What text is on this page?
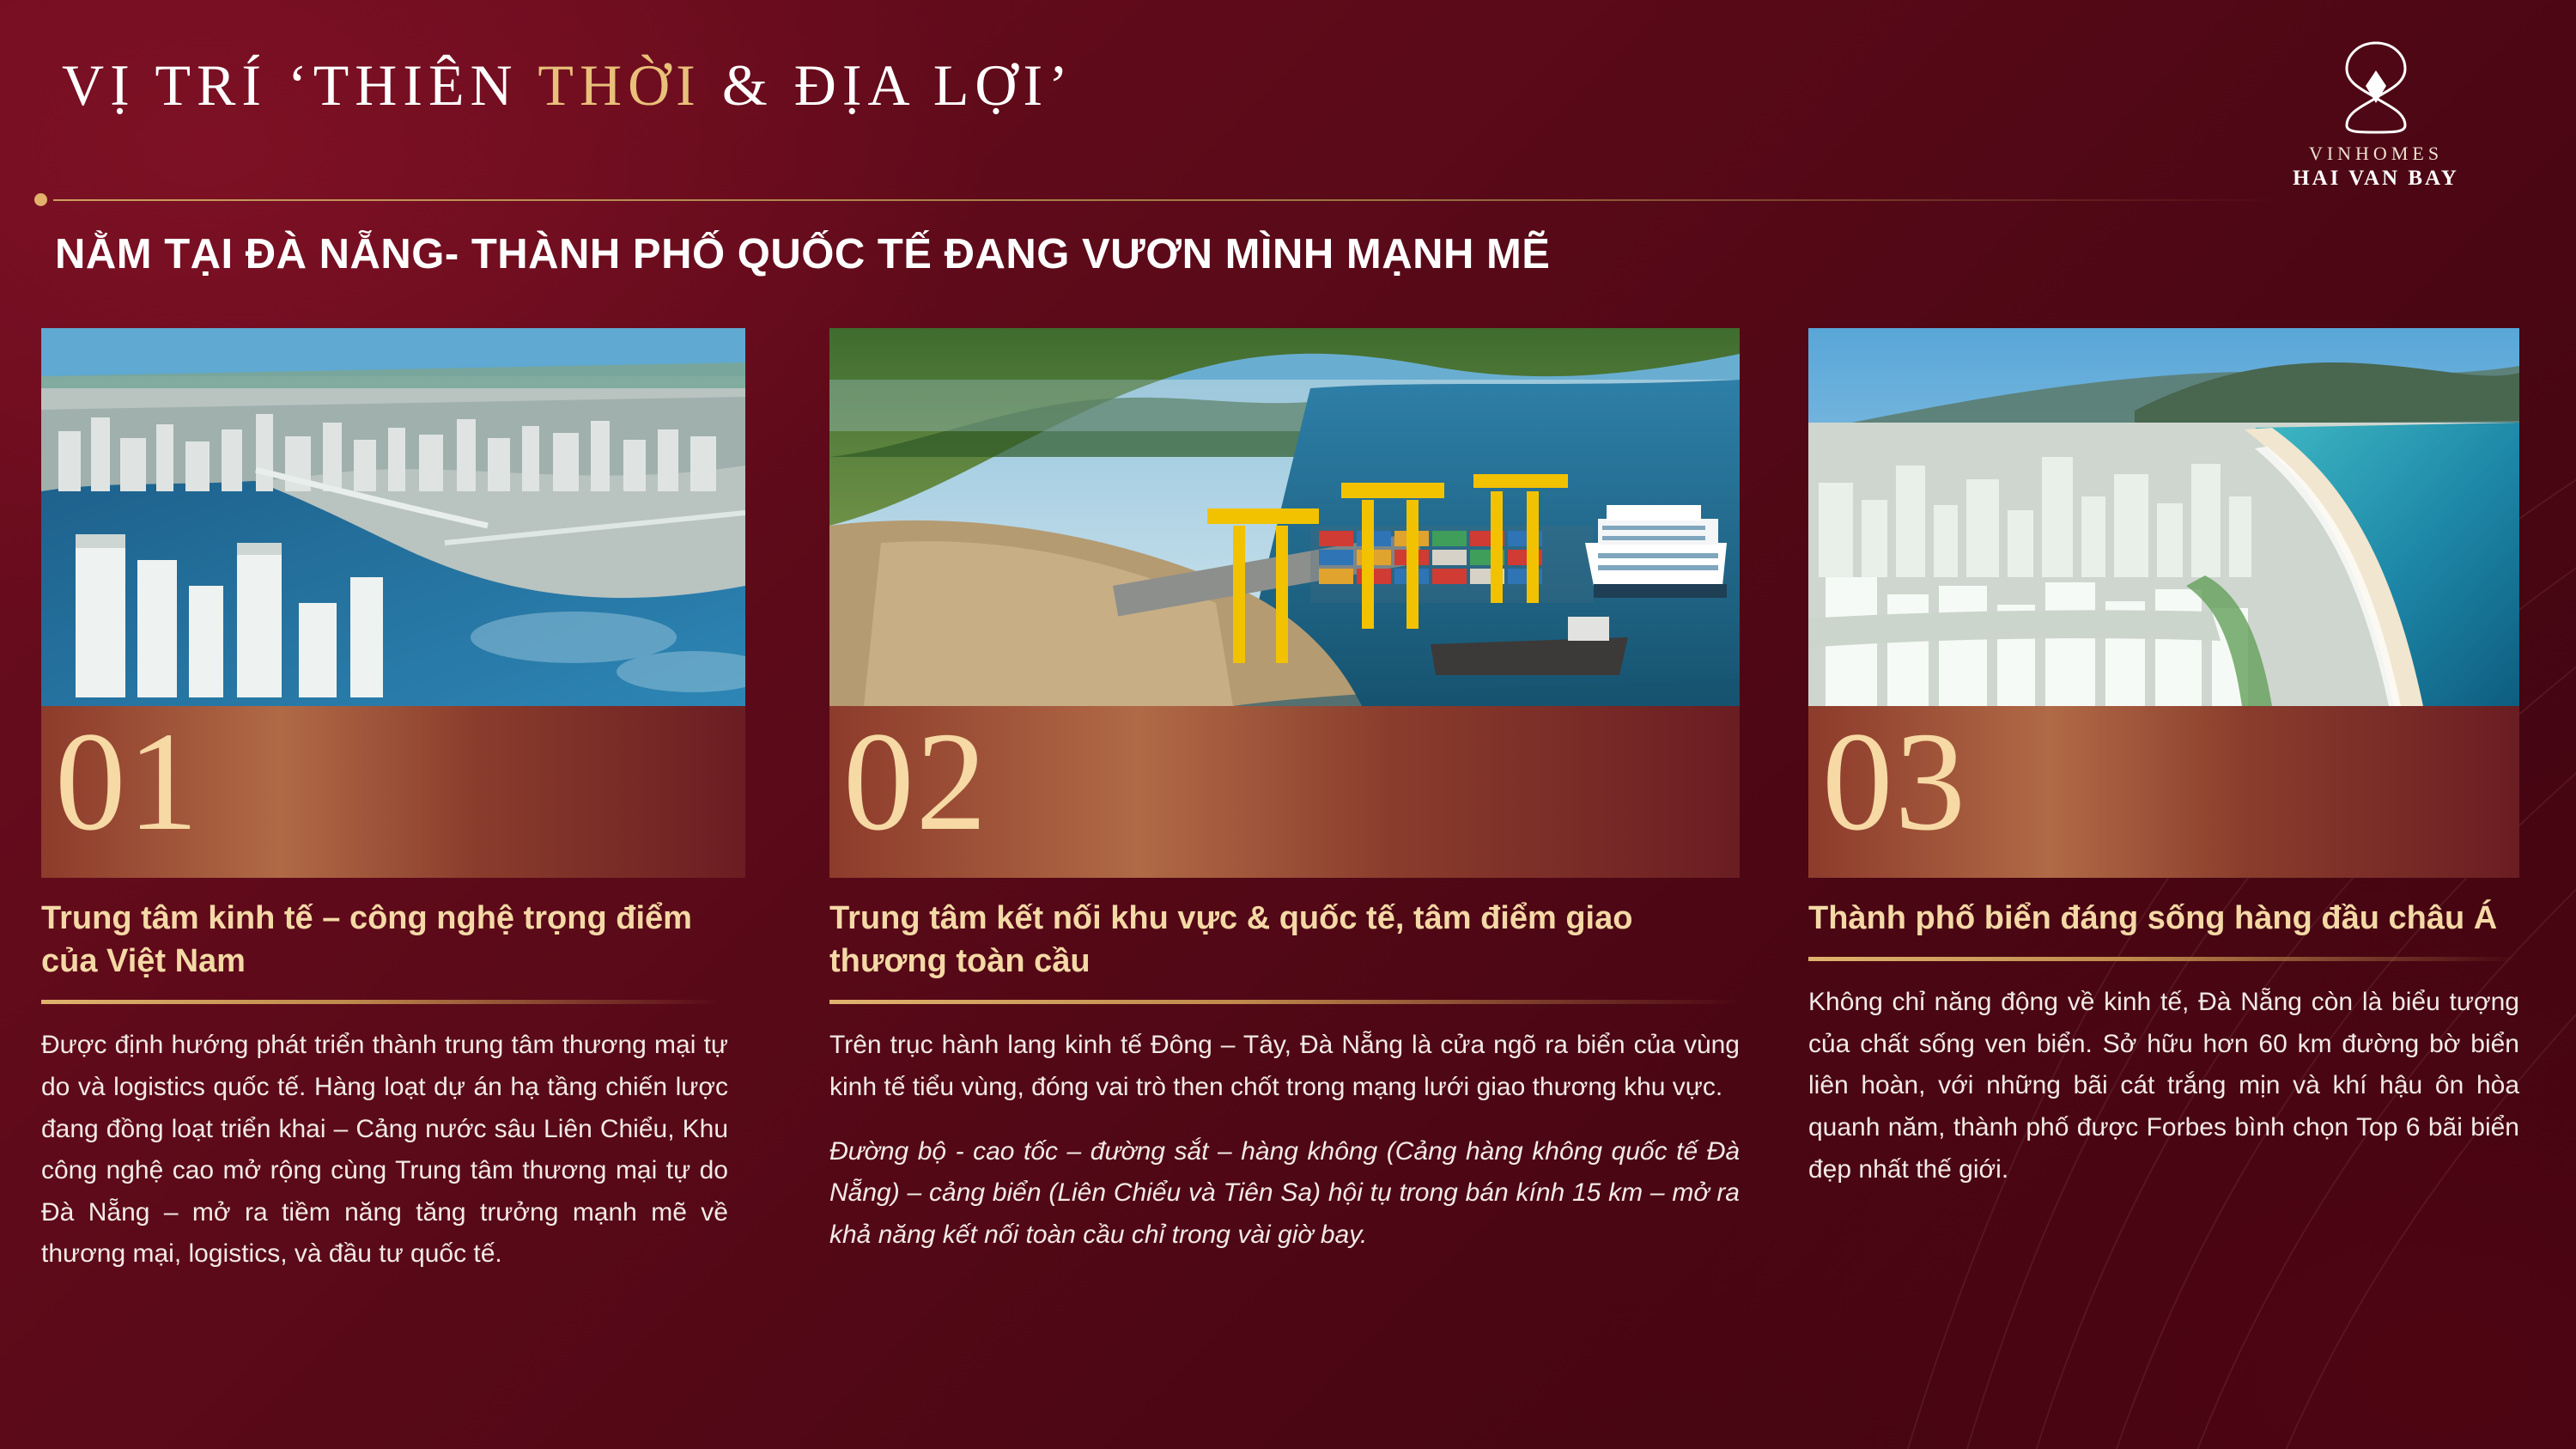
VỊ TRÍ ‘THIÊN THỜI & ĐỊA LỢI’
NẰM TẠI ĐÀ NẴNG- THÀNH PHỐ QUỐC TẾ ĐANG VƯƠN MÌNH MẠNH MẼ
VINHOMES
HAI VAN BAY
01
Trung tâm kinh tế – công nghệ trọng điểm của Việt Nam

Được định hướng phát triển thành trung tâm thương mại tự do và logistics quốc tế. Hàng loạt dự án hạ tầng chiến lược đang đồng loạt triển khai – Cảng nước sâu Liên Chiểu, Khu công nghệ cao mở rộng cùng Trung tâm thương mại tự do Đà Nẵng – mở ra tiềm năng tăng trưởng mạnh mẽ về thương mại, logistics, và đầu tư quốc tế.

02
Trung tâm kết nối khu vực & quốc tế, tâm điểm giao thương toàn cầu

Trên trục hành lang kinh tế Đông – Tây, Đà Nẵng là cửa ngõ ra biển của vùng kinh tế tiểu vùng, đóng vai trò then chốt trong mạng lưới giao thương khu vực.

Đường bộ - cao tốc – đường sắt – hàng không (Cảng hàng không quốc tế Đà Nẵng) – cảng biển (Liên Chiểu và Tiên Sa) hội tụ trong bán kính 15 km – mở ra khả năng kết nối toàn cầu chỉ trong vài giờ bay.

03
Thành phố biển đáng sống hàng đầu châu Á

Không chỉ năng động về kinh tế, Đà Nẵng còn là biểu tượng của chất sống ven biển. Sở hữu hơn 60 km đường bờ biển liên hoàn, với những bãi cát trắng mịn và khí hậu ôn hòa quanh năm, thành phố được Forbes bình chọn Top 6 bãi biển đẹp nhất thế giới.
